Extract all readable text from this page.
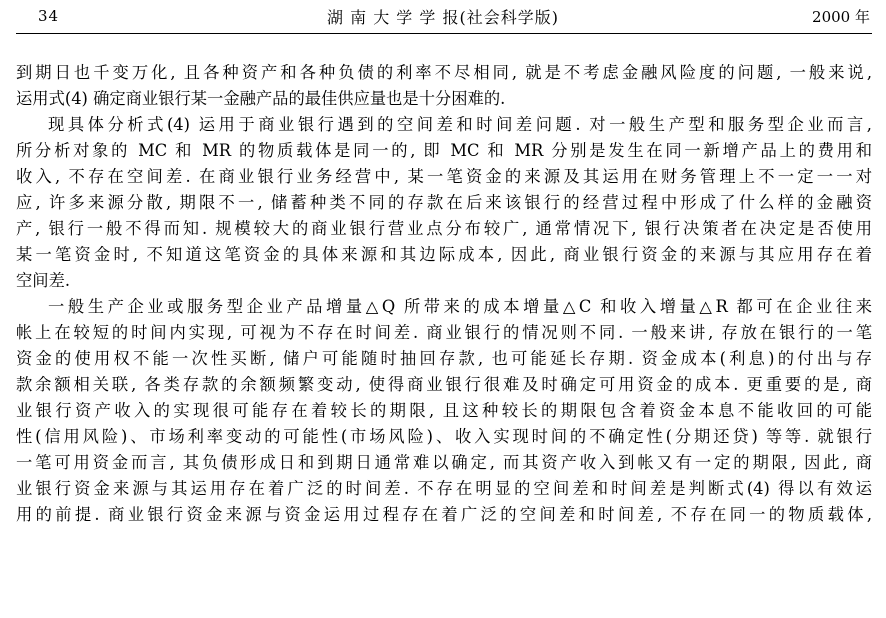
34	湖 南 大 学 学 报(社会科学版)	2000 年
到期日也千变万化, 且各种资产和各种负债的利率不尽相同, 就是不考虑金融风险度的问题, 一般来说,
运用式(4) 确定商业银行某一金融产品的最佳供应量也是十分困难的.
现具体分析式(4) 运用于商业银行遇到的空间差和时间差问题. 对一般生产型和服务型企业而言,
所分析对象的 MC 和 MR 的物质载体是同一的, 即 MC 和 MR 分别是发生在同一新增产品上的费用和
收入, 不存在空间差. 在商业银行业务经营中, 某一笔资金的来源及其运用在财务管理上不一定一一对
应, 许多来源分散, 期限不一, 储蓄种类不同的存款在后来该银行的经营过程中形成了什么样的金融资
产, 银行一般不得而知. 规模较大的商业银行营业点分布较广, 通常情况下, 银行决策者在决定是否使用
某一笔资金时, 不知道这笔资金的具体来源和其边际成本, 因此, 商业银行资金的来源与其应用存在着
空间差.
一般生产企业或服务型企业产品增量△Q 所带来的成本增量△C 和收入增量△R 都可在企业往来
帐上在较短的时间内实现, 可视为不存在时间差. 商业银行的情况则不同. 一般来讲, 存放在银行的一笔
资金的使用权不能一次性买断, 储户可能随时抽回存款, 也可能延长存期. 资金成本(利息)的付出与存
款余额相关联, 各类存款的余额频繁变动, 使得商业银行很难及时确定可用资金的成本. 更重要的是, 商
业银行资产收入的实现很可能存在着较长的期限, 且这种较长的期限包含着资金本息不能收回的可能
性(信用风险)、市场利率变动的可能性(市场风险)、收入实现时间的不确定性(分期还贷) 等等. 就银行
一笔可用资金而言, 其负债形成日和到期日通常难以确定, 而其资产收入到帐又有一定的期限, 因此, 商
业银行资金来源与其运用存在着广泛的时间差. 不存在明显的空间差和时间差是判断式(4) 得以有效运
用的前提. 商业银行资金来源与资金运用过程存在着广泛的空间差和时间差, 不存在同一的物质载体,
